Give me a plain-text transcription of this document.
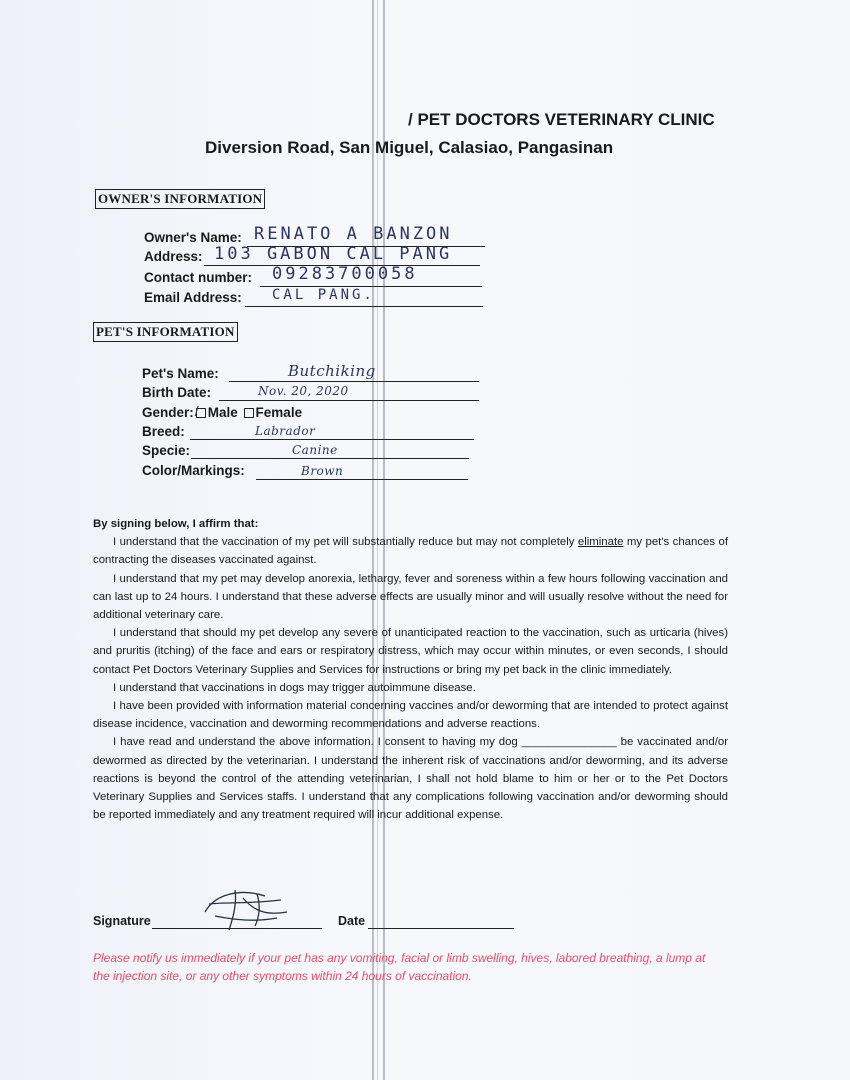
/ PET DOCTORS VETERINARY CLINIC
Diversion Road, San Miguel, Calasiao, Pangasinan
OWNER'S INFORMATION
Owner's Name: RENATO A BANZON
Address: 103 GABON CAL PANG
Contact number: 09283700058
Email Address: CAL PANG.
PET'S INFORMATION
Pet's Name:	Butchiking
Birth Date:	Nov. 20, 2020
Gender: / Male Female
Breed:	Labrador
Specie:	Canine
Color/Markings:	Brown

By signing below, I affirm that:

I understand that the vaccination of my pet will substantially reduce but may not completely eliminate my pet's chances of contracting the diseases vaccinated against.

I understand that my pet may develop anorexia, lethargy, fever and soreness within a few hours following vaccination and can last up to 24 hours. I understand that these adverse effects are usually minor and will usually resolve without the need for additional veterinary care.

I understand that should my pet develop any severe of unanticipated reaction to the vaccination, such as urticaria (hives) and pruritis (itching) of the face and ears or respiratory distress, which may occur within minutes, or even seconds, I should contact Pet Doctors Veterinary Supplies and Services for instructions or bring my pet back in the clinic immediately.

I understand that vaccinations in dogs may trigger autoimmune disease.

I have been provided with information material concerning vaccines and/or deworming that are intended to protect against disease incidence, vaccination and deworming recommendations and adverse reactions.

I have read and understand the above information. I consent to having my dog _______________ be vaccinated and/or dewormed as directed by the veterinarian. I understand the inherent risk of vaccinations and/or deworming, and its adverse reactions is beyond the control of the attending veterinarian, I shall not hold blame to him or her or to the Pet Doctors Veterinary Supplies and Services staffs. I understand that any complications following vaccination and/or deworming should be reported immediately and any treatment required will incur additional expense.

Signature	Date
Please notify us immediately if your pet has any vomiting, facial or limb swelling, hives, labored breathing, a lump at the injection site, or any other symptoms within 24 hours of vaccination.
